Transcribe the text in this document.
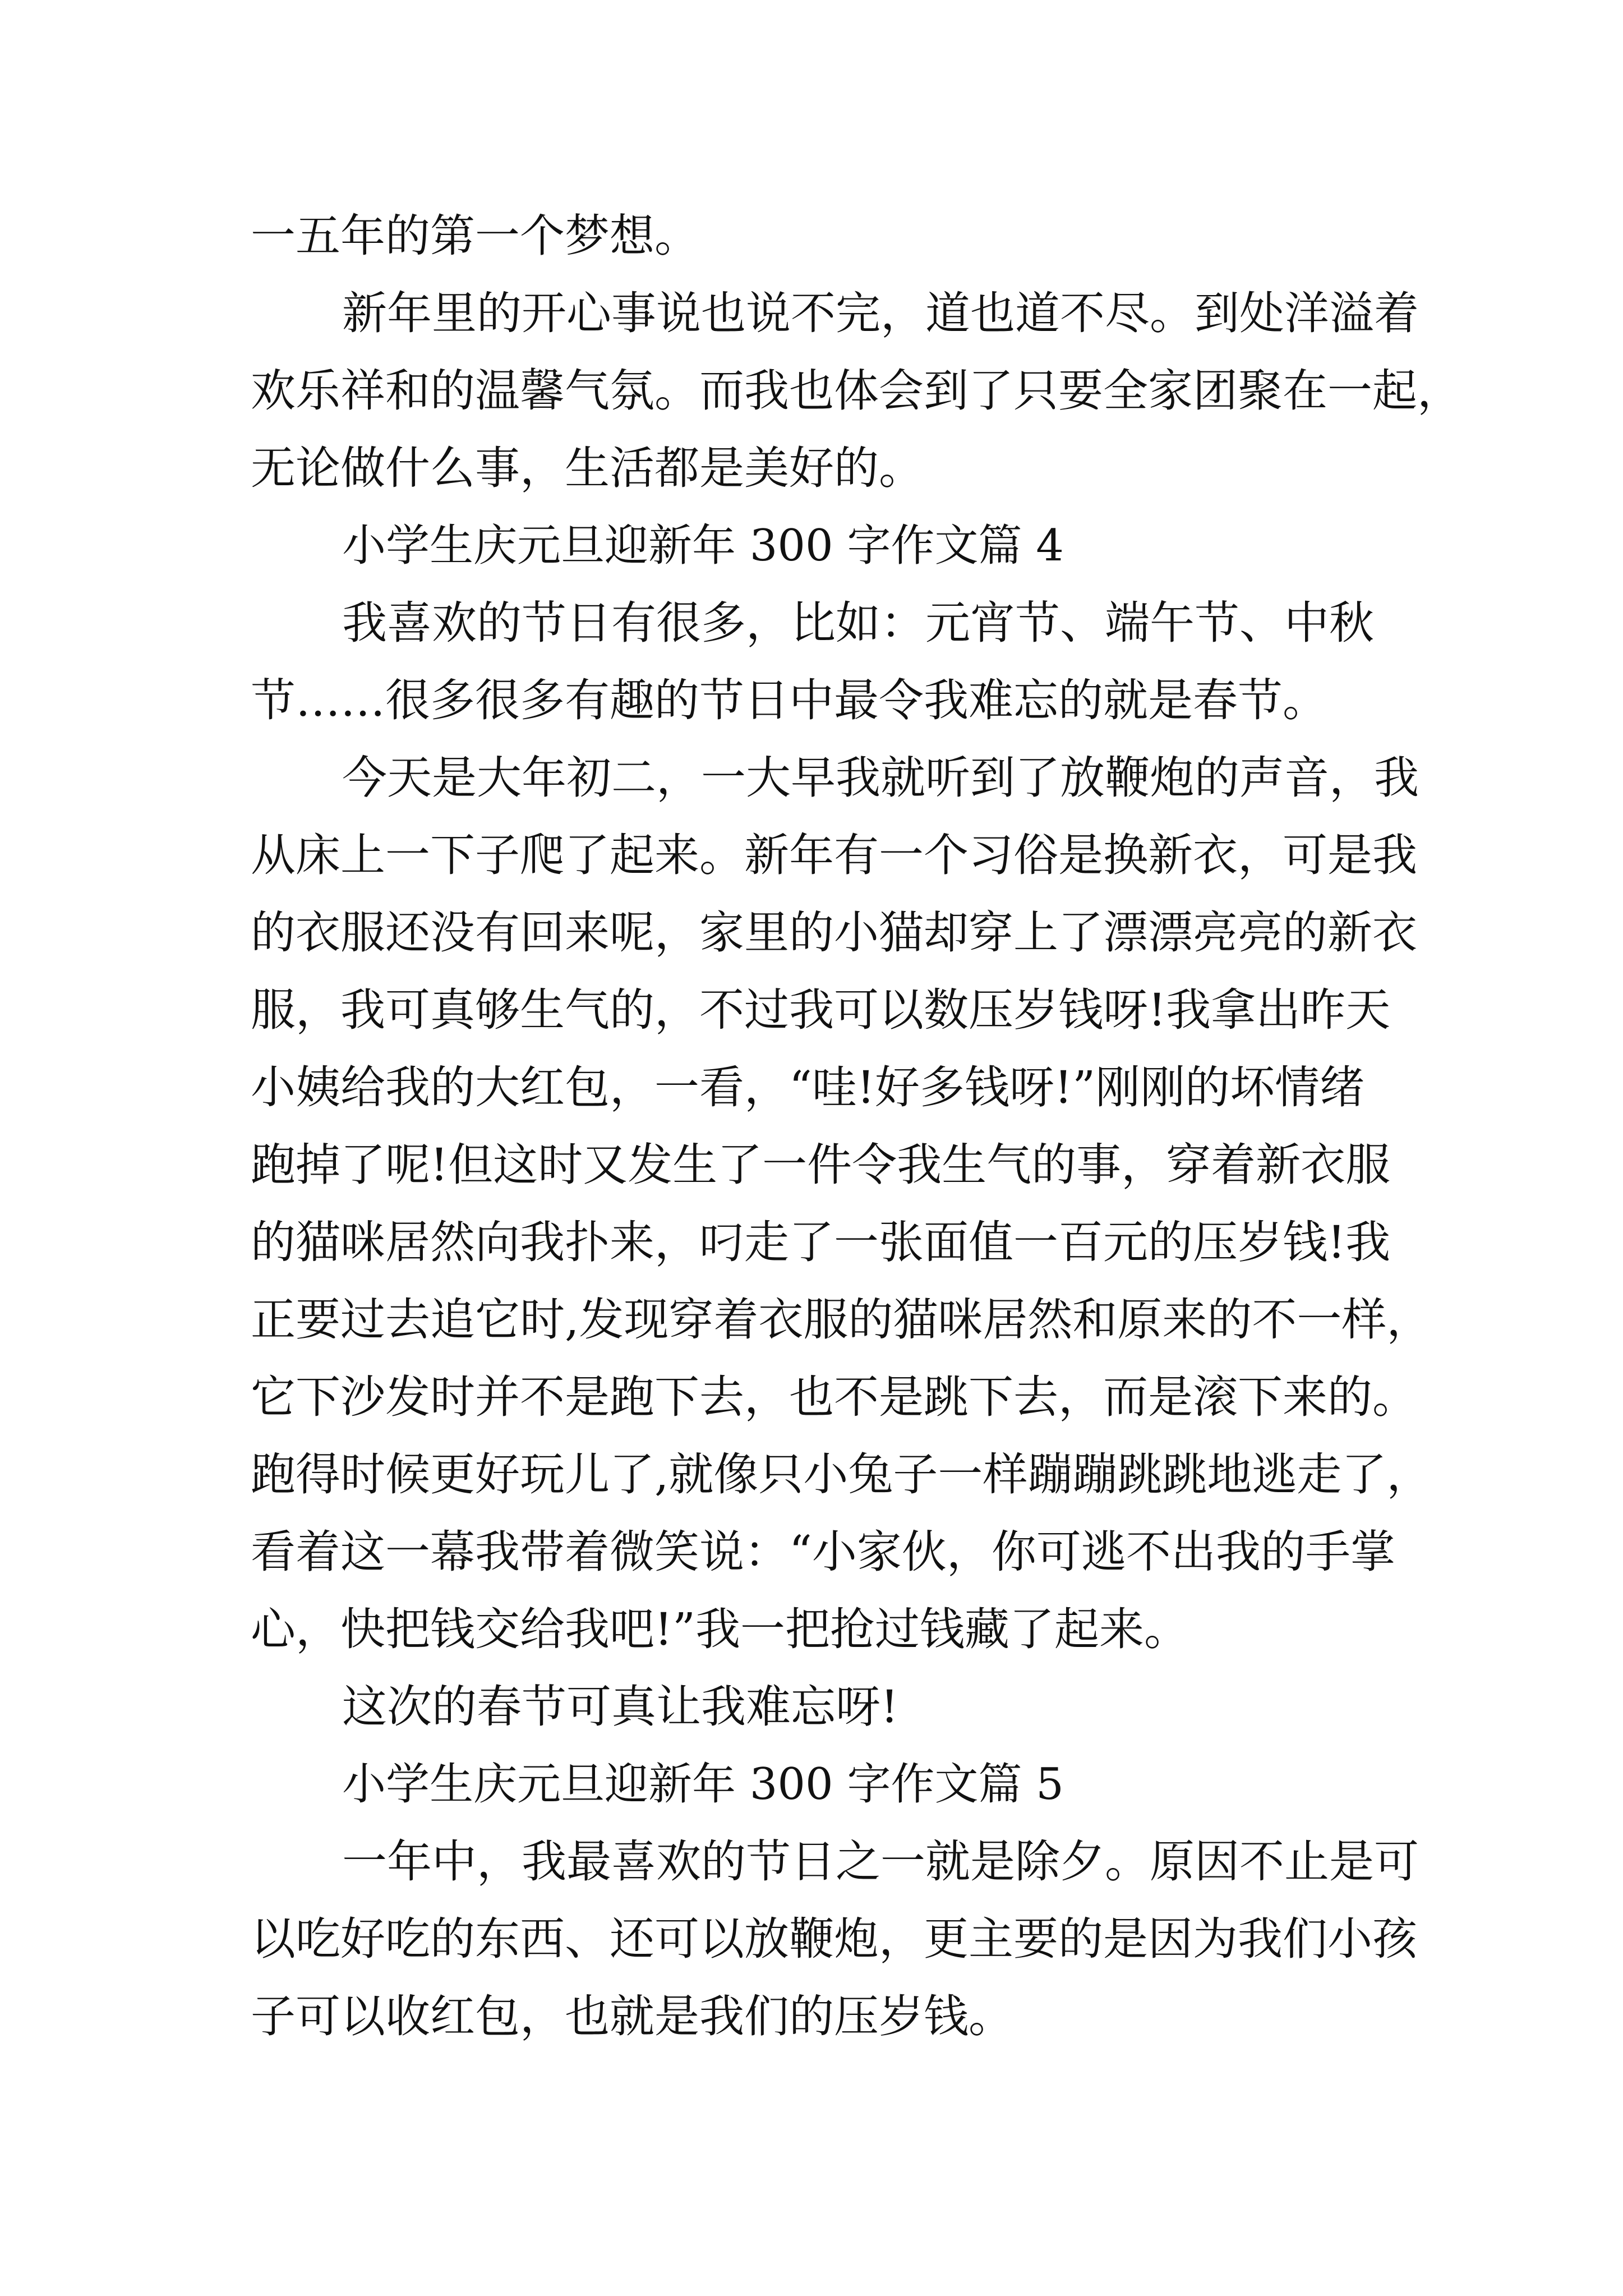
一五年的第一个梦想。
新年里的开心事说也说不完，道也道不尽。到处洋溢着
欢乐祥和的温馨气氛。而我也体会到了只要全家团聚在一起，
无论做什么事，生活都是美好的。
小学生庆元旦迎新年 300 字作文篇 4
我喜欢的节日有很多，比如：元宵节、端午节、中秋
节……很多很多有趣的节日中最令我难忘的就是春节。
今天是大年初二，一大早我就听到了放鞭炮的声音，我
从床上一下子爬了起来。新年有一个习俗是换新衣，可是我
的衣服还没有回来呢，家里的小猫却穿上了漂漂亮亮的新衣
服，我可真够生气的，不过我可以数压岁钱呀!我拿出昨天
小姨给我的大红包，一看，“哇!好多钱呀!”刚刚的坏情绪
跑掉了呢!但这时又发生了一件令我生气的事，穿着新衣服
的猫咪居然向我扑来，叼走了一张面值一百元的压岁钱!我
正要过去追它时,发现穿着衣服的猫咪居然和原来的不一样，
它下沙发时并不是跑下去，也不是跳下去，而是滚下来的。
跑得时候更好玩儿了,就像只小兔子一样蹦蹦跳跳地逃走了，
看着这一幕我带着微笑说：“小家伙，你可逃不出我的手掌
心，快把钱交给我吧!”我一把抢过钱藏了起来。
这次的春节可真让我难忘呀!
小学生庆元旦迎新年 300 字作文篇 5
一年中，我最喜欢的节日之一就是除夕。原因不止是可
以吃好吃的东西、还可以放鞭炮，更主要的是因为我们小孩
子可以收红包，也就是我们的压岁钱。
